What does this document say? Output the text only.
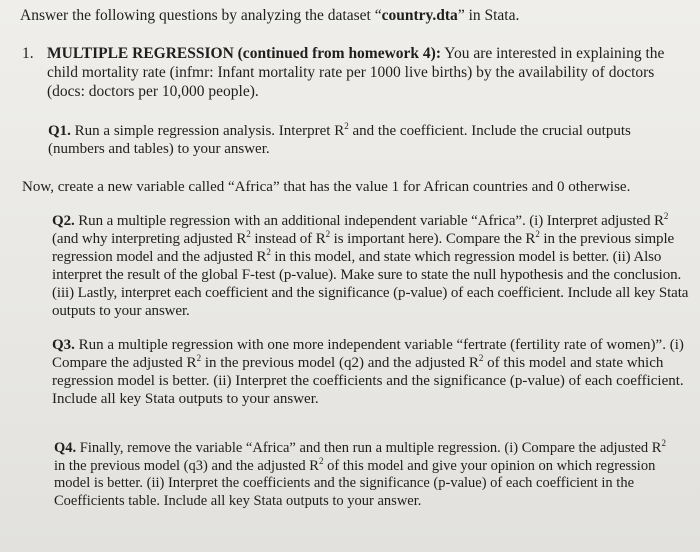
Answer the following questions by analyzing the dataset “country.dta” in Stata.
1. MULTIPLE REGRESSION (continued from homework 4): You are interested in explaining the child mortality rate (infmr: Infant mortality rate per 1000 live births) by the availability of doctors (docs: doctors per 10,000 people).
Q1. Run a simple regression analysis. Interpret $R^2$ and the coefficient. Include the crucial outputs (numbers and tables) to your answer.
Now, create a new variable called “Africa” that has the value 1 for African countries and 0 otherwise.
Q2. Run a multiple regression with an additional independent variable “Africa”. (i) Interpret adjusted $R^2$ (and why interpreting adjusted $R^2$ instead of $R^2$ is important here). Compare the $R^2$ in the previous simple regression model and the adjusted $R^2$ in this model, and state which regression model is better. (ii) Also interpret the result of the global F-test (p-value). Make sure to state the null hypothesis and the conclusion. (iii) Lastly, interpret each coefficient and the significance (p-value) of each coefficient. Include all key Stata outputs to your answer.
Q3. Run a multiple regression with one more independent variable “fertrate (fertility rate of women)”. (i) Compare the adjusted $R^2$ in the previous model (q2) and the adjusted $R^2$ of this model and state which regression model is better. (ii) Interpret the coefficients and the significance (p-value) of each coefficient. Include all key Stata outputs to your answer.
Q4. Finally, remove the variable “Africa” and then run a multiple regression. (i) Compare the adjusted $R^2$ in the previous model (q3) and the adjusted $R^2$ of this model and give your opinion on which regression model is better. (ii) Interpret the coefficients and the significance (p-value) of each coefficient in the Coefficients table. Include all key Stata outputs to your answer.
